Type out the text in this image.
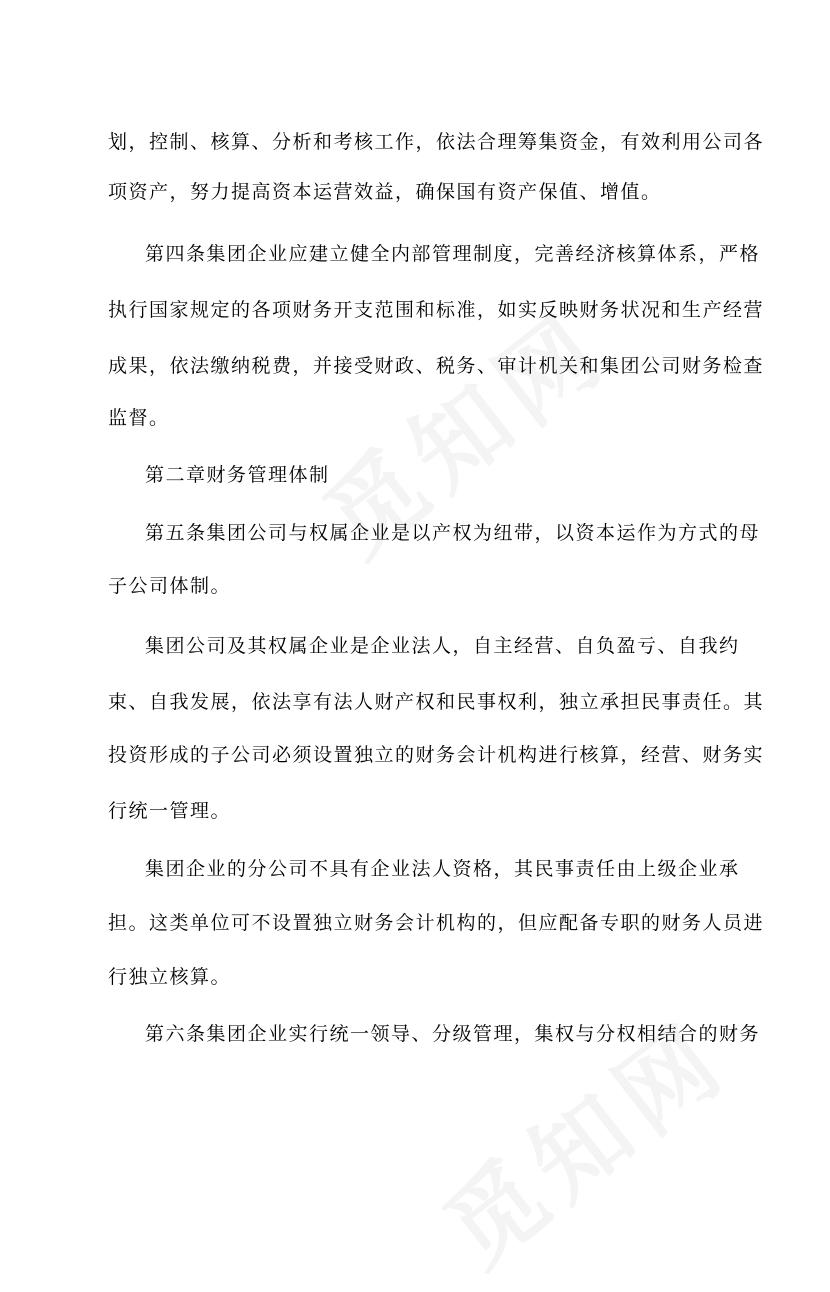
划，控制、核算、分析和考核工作，依法合理筹集资金，有效利用公司各
项资产，努力提高资本运营效益，确保国有资产保值、增值。
第四条集团企业应建立健全内部管理制度，完善经济核算体系，严格
执行国家规定的各项财务开支范围和标准，如实反映财务状况和生产经营
成果，依法缴纳税费，并接受财政、税务、审计机关和集团公司财务检查
监督。
第二章财务管理体制
第五条集团公司与权属企业是以产权为纽带，以资本运作为方式的母
子公司体制。
集团公司及其权属企业是企业法人，自主经营、自负盈亏、自我约
束、自我发展，依法享有法人财产权和民事权利，独立承担民事责任。其
投资形成的子公司必须设置独立的财务会计机构进行核算，经营、财务实
行统一管理。
集团企业的分公司不具有企业法人资格，其民事责任由上级企业承
担。这类单位可不设置独立财务会计机构的，但应配备专职的财务人员进
行独立核算。
第六条集团企业实行统一领导、分级管理，集权与分权相结合的财务
